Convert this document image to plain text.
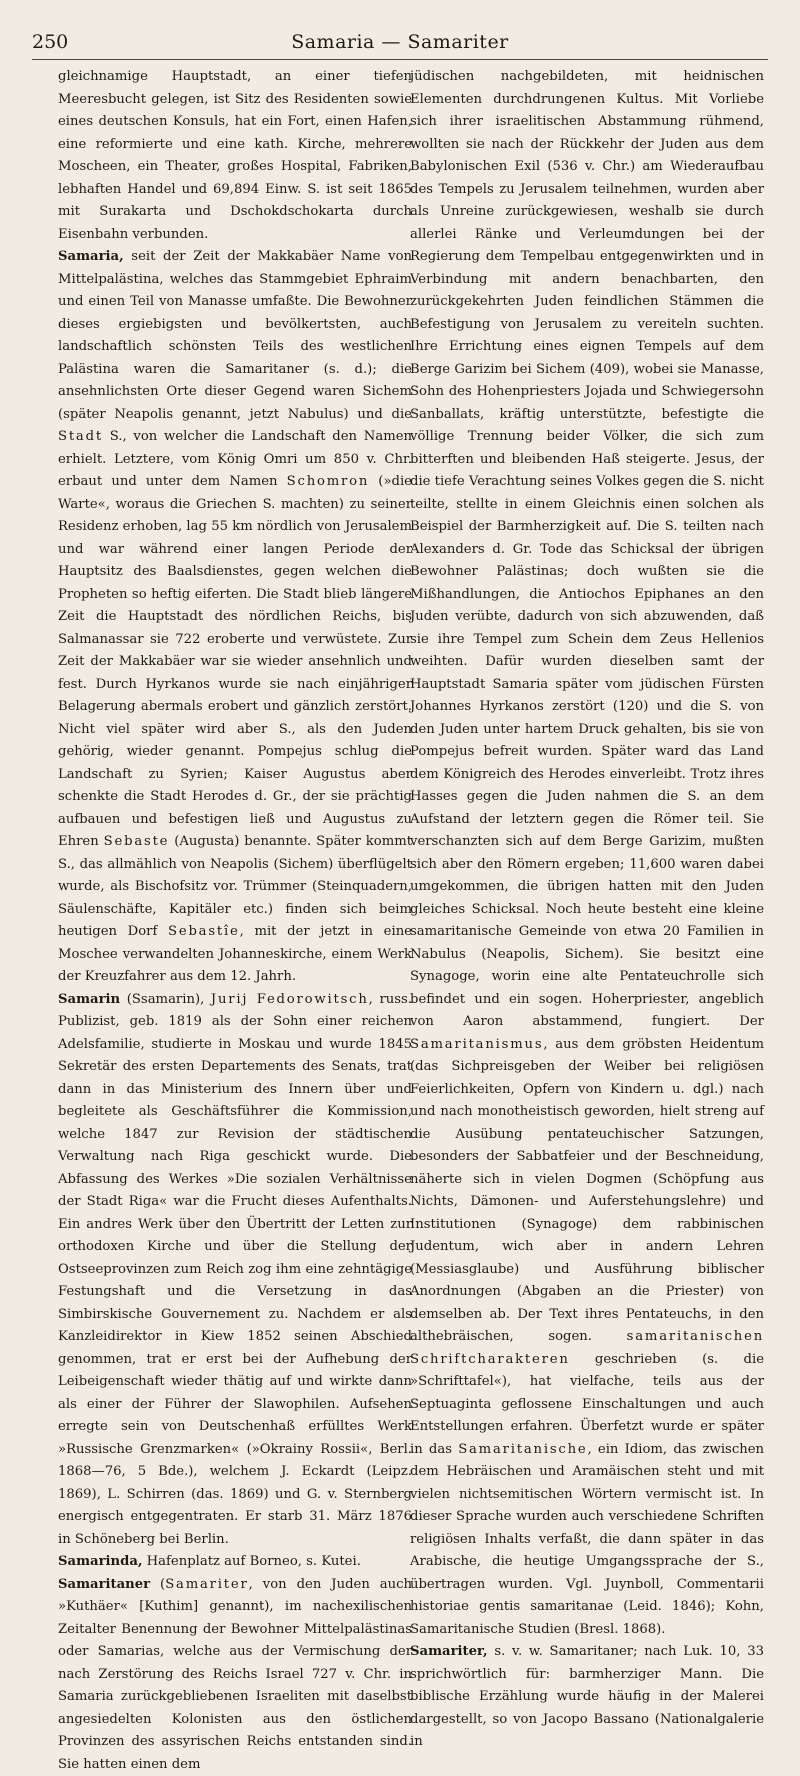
250	Samaria — Samariter

gleichnamige Hauptstadt, an einer tiefen Meeresbucht gelegen, ist Sitz des Residenten sowie eines deutschen Konsuls, hat ein Fort, einen Hafen, eine reformierte und eine kath. Kirche, mehrere Moscheen, ein Theater, großes Hospital, Fabriken, lebhaften Handel und 69,894 Einw. S. ist seit 1865 mit Surakarta und Dschokdschokarta durch Eisenbahn verbunden.

Samaria, seit der Zeit der Makkabäer Name von Mittelpalästina, welches das Stammgebiet Ephraim und einen Teil von Manasse umfaßte. Die Bewohner dieses ergiebigsten und bevölkertsten, auch landschaftlich schönsten Teils des westlichen Palästina waren die Samaritaner (s. d.); die ansehnlichsten Orte dieser Gegend waren Sichem (später Neapolis genannt, jetzt Nabulus) und die Stadt S., von welcher die Landschaft den Namen erhielt. Letztere, vom König Omri um 850 v. Chr. erbaut und unter dem Namen Schomron (»die Warte«, woraus die Griechen S. machten) zu seiner Residenz erhoben, lag 55 km nördlich von Jerusalem und war während einer langen Periode der Hauptsitz des Baalsdienstes, gegen welchen die Propheten so heftig eiferten. Die Stadt blieb längere Zeit die Hauptstadt des nördlichen Reichs, bis Salmanassar sie 722 eroberte und verwüstete. Zur Zeit der Makkabäer war sie wieder ansehnlich und fest. Durch Hyrkanos wurde sie nach einjähriger Belagerung abermals erobert und gänzlich zerstört. Nicht viel später wird aber S., als den Juden gehörig, wieder genannt. Pompejus schlug die Landschaft zu Syrien; Kaiser Augustus aber schenkte die Stadt Herodes d. Gr., der sie prächtig aufbauen und befestigen ließ und Augustus zu Ehren Sebaste (Augusta) benannte. Später kommt S., das allmählich von Neapolis (Sichem) überflügelt wurde, als Bischofsitz vor. Trümmer (Steinquadern, Säulenschäfte, Kapitäler etc.) finden sich beim heutigen Dorf Sebastîe, mit der jetzt in eine Moschee verwandelten Johanneskirche, einem Werk der Kreuzfahrer aus dem 12. Jahrh.

Samarin (Ssamarin), Jurij Fedorowitsch, russ. Publizist, geb. 1819 als der Sohn einer reichen Adelsfamilie, studierte in Moskau und wurde 1845 Sekretär des ersten Departements des Senats, trat dann in das Ministerium des Innern über und begleitete als Geschäftsführer die Kommission, welche 1847 zur Revision der städtischen Verwaltung nach Riga geschickt wurde. Die Abfassung des Werkes »Die sozialen Verhältnisse der Stadt Riga« war die Frucht dieses Aufenthalts. Ein andres Werk über den Übertritt der Letten zur orthodoxen Kirche und über die Stellung der Ostseeprovinzen zum Reich zog ihm eine zehntägige Festungshaft und die Versetzung in das Simbirskische Gouvernement zu. Nachdem er als Kanzleidirektor in Kiew 1852 seinen Abschied genommen, trat er erst bei der Aufhebung der Leibeigenschaft wieder thätig auf und wirkte dann als einer der Führer der Slawophilen. Aufsehen erregte sein von Deutschenhaß erfülltes Werk »Russische Grenzmarken« (»Okrainy Rossii«, Berl. 1868—76, 5 Bde.), welchem J. Eckardt (Leipz. 1869), L. Schirren (das. 1869) und G. v. Sternberg energisch entgegentraten. Er starb 31. März 1876 in Schöneberg bei Berlin.

Samarinda, Hafenplatz auf Borneo, s. Kutei.

Samaritaner (Samariter, von den Juden auch »Kuthäer« [Kuthim] genannt), im nachexilischen Zeitalter Benennung der Bewohner Mittelpalästinas oder Samarias, welche aus der Vermischung der nach Zerstörung des Reichs Israel 727 v. Chr. in Samaria zurückgebliebenen Israeliten mit daselbst angesiedelten Kolonisten aus den östlichen Provinzen des assyrischen Reichs entstanden sind. Sie hatten einen dem

jüdischen nachgebildeten, mit heidnischen Elementen durchdrungenen Kultus. Mit Vorliebe sich ihrer israelitischen Abstammung rühmend, wollten sie nach der Rückkehr der Juden aus dem Babylonischen Exil (536 v. Chr.) am Wiederaufbau des Tempels zu Jerusalem teilnehmen, wurden aber als Unreine zurückgewiesen, weshalb sie durch allerlei Ränke und Verleumdungen bei der Regierung dem Tempelbau entgegenwirkten und in Verbindung mit andern benachbarten, den zurückgekehrten Juden feindlichen Stämmen die Befestigung von Jerusalem zu vereiteln suchten. Ihre Errichtung eines eignen Tempels auf dem Berge Garizim bei Sichem (409), wobei sie Manasse, Sohn des Hohenpriesters Jojada und Schwiegersohn Sanballats, kräftig unterstützte, befestigte die völlige Trennung beider Völker, die sich zum bitterften und bleibenden Haß steigerte. Jesus, der die tiefe Verachtung seines Volkes gegen die S. nicht teilte, stellte in einem Gleichnis einen solchen als Beispiel der Barmherzigkeit auf. Die S. teilten nach Alexanders d. Gr. Tode das Schicksal der übrigen Bewohner Palästinas; doch wußten sie die Mißhandlungen, die Antiochos Epiphanes an den Juden verübte, dadurch von sich abzuwenden, daß sie ihre Tempel zum Schein dem Zeus Hellenios weihten. Dafür wurden dieselben samt der Hauptstadt Samaria später vom jüdischen Fürsten Johannes Hyrkanos zerstört (120) und die S. von den Juden unter hartem Druck gehalten, bis sie von Pompejus befreit wurden. Später ward das Land dem Königreich des Herodes einverleibt. Trotz ihres Hasses gegen die Juden nahmen die S. an dem Aufstand der letztern gegen die Römer teil. Sie verschanzten sich auf dem Berge Garizim, mußten sich aber den Römern ergeben; 11,600 waren dabei umgekommen, die übrigen hatten mit den Juden gleiches Schicksal. Noch heute besteht eine kleine samaritanische Gemeinde von etwa 20 Familien in Nabulus (Neapolis, Sichem). Sie besitzt eine Synagoge, worin eine alte Pentateuchrolle sich befindet und ein sogen. Hoherpriester, angeblich von Aaron abstammend, fungiert. Der Samaritanismus, aus dem gröbsten Heidentum (das Sichpreisgeben der Weiber bei religiösen Feierlichkeiten, Opfern von Kindern u. dgl.) nach und nach monotheistisch geworden, hielt streng auf die Ausübung pentateuchischer Satzungen, besonders der Sabbatfeier und der Beschneidung, näherte sich in vielen Dogmen (Schöpfung aus Nichts, Dämonen- und Auferstehungslehre) und Institutionen (Synagoge) dem rabbinischen Judentum, wich aber in andern Lehren (Messiasglaube) und Ausführung biblischer Anordnungen (Abgaben an die Priester) von demselben ab. Der Text ihres Pentateuchs, in den althebräischen, sogen. samaritanischen Schriftcharakteren geschrieben (s. die »Schrifttafel«), hat vielfache, teils aus der Septuaginta geflossene Einschaltungen und auch Entstellungen erfahren. Überfetzt wurde er später in das Samaritanische, ein Idiom, das zwischen dem Hebräischen und Aramäischen steht und mit vielen nichtsemitischen Wörtern vermischt ist. In dieser Sprache wurden auch verschiedene Schriften religiösen Inhalts verfaßt, die dann später in das Arabische, die heutige Umgangssprache der S., übertragen wurden. Vgl. Juynboll, Commentarii historiae gentis samaritanae (Leid. 1846); Kohn, Samaritanische Studien (Bresl. 1868).

Samariter, s. v. w. Samaritaner; nach Luk. 10, 33 sprichwörtlich für: barmherziger Mann. Die biblische Erzählung wurde häufig in der Malerei dargestellt, so von Jacopo Bassano (Nationalgalerie in
